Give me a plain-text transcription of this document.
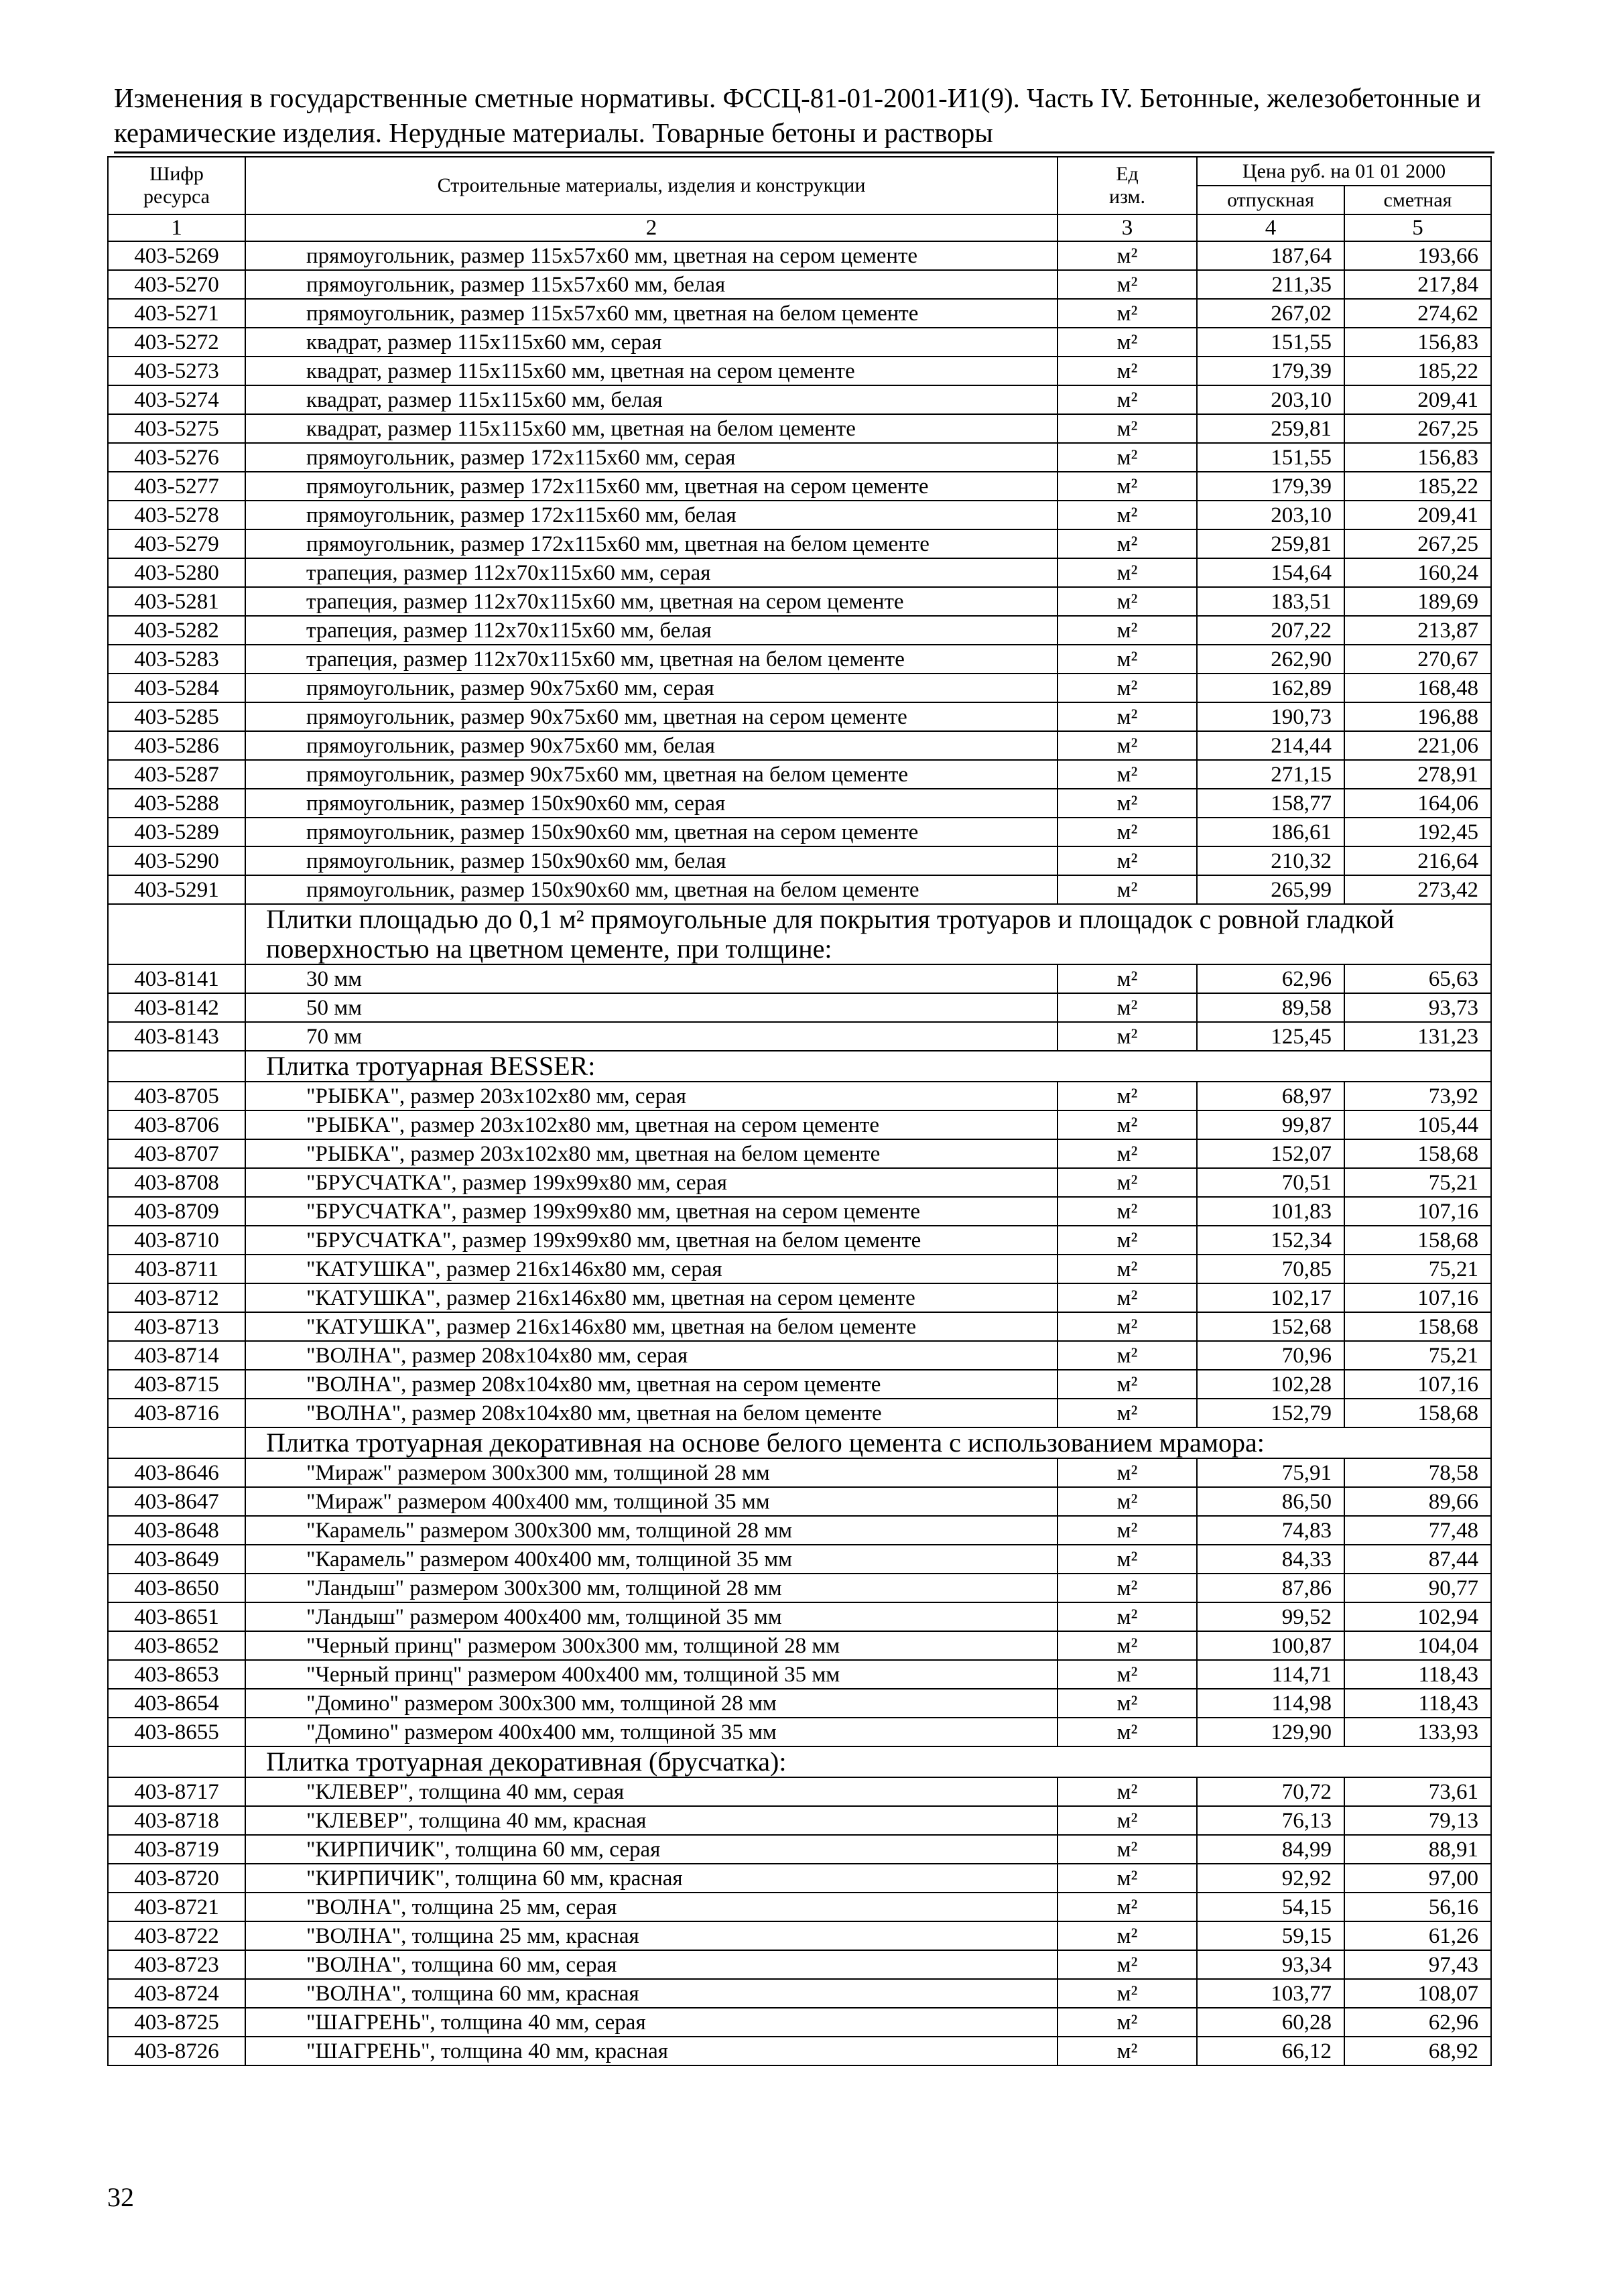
Изменения в государственные сметные нормативы. ФССЦ-81-01-2001-И1(9). Часть IV. Бетонные, железобетонные и керамические изделия. Нерудные материалы. Товарные бетоны и растворы
Шифр ресурса	Строительные материалы, изделия и конструкции	Ед изм.	Цена руб. на 01 01 2000	
			отпускная	сметная
1	2	3	4	5
403-5269	прямоугольник, размер 115x57x60 мм, цветная на сером цементе	м²	187,64	193,66
403-5270	прямоугольник, размер 115x57x60 мм, белая	м²	211,35	217,84
403-5271	прямоугольник, размер 115x57x60 мм, цветная на белом цементе	м²	267,02	274,62
403-5272	квадрат, размер 115x115x60 мм, серая	м²	151,55	156,83
403-5273	квадрат, размер 115x115x60 мм, цветная на сером цементе	м²	179,39	185,22
403-5274	квадрат, размер 115x115x60 мм, белая	м²	203,10	209,41
403-5275	квадрат, размер 115x115x60 мм, цветная на белом цементе	м²	259,81	267,25
403-5276	прямоугольник, размер 172x115x60 мм, серая	м²	151,55	156,83
403-5277	прямоугольник, размер 172x115x60 мм, цветная на сером цементе	м²	179,39	185,22
403-5278	прямоугольник, размер 172x115x60 мм, белая	м²	203,10	209,41
403-5279	прямоугольник, размер 172x115x60 мм, цветная на белом цементе	м²	259,81	267,25
403-5280	трапеция, размер 112x70x115x60 мм, серая	м²	154,64	160,24
403-5281	трапеция, размер 112x70x115x60 мм, цветная на сером цементе	м²	183,51	189,69
403-5282	трапеция, размер 112x70x115x60 мм, белая	м²	207,22	213,87
403-5283	трапеция, размер 112x70x115x60 мм, цветная на белом цементе	м²	262,90	270,67
403-5284	прямоугольник, размер 90x75x60 мм, серая	м²	162,89	168,48
403-5285	прямоугольник, размер 90x75x60 мм, цветная на сером цементе	м²	190,73	196,88
403-5286	прямоугольник, размер 90x75x60 мм, белая	м²	214,44	221,06
403-5287	прямоугольник, размер 90x75x60 мм, цветная на белом цементе	м²	271,15	278,91
403-5288	прямоугольник, размер 150x90x60 мм, серая	м²	158,77	164,06
403-5289	прямоугольник, размер 150x90x60 мм, цветная на сером цементе	м²	186,61	192,45
403-5290	прямоугольник, размер 150x90x60 мм, белая	м²	210,32	216,64
403-5291	прямоугольник, размер 150x90x60 мм, цветная на белом цементе	м²	265,99	273,42
	Плитки площадью до 0,1 м² прямоугольные для покрытия тротуаров и площадок с ровной гладкой поверхностью на цветном цементе, при толщине:			
403-8141	30 мм	м²	62,96	65,63
403-8142	50 мм	м²	89,58	93,73
403-8143	70 мм	м²	125,45	131,23
	Плитка тротуарная BESSER:			
403-8705	"РЫБКА", размер 203x102x80 мм, серая	м²	68,97	73,92
403-8706	"РЫБКА", размер 203x102x80 мм, цветная на сером цементе	м²	99,87	105,44
403-8707	"РЫБКА", размер 203x102x80 мм, цветная на белом цементе	м²	152,07	158,68
403-8708	"БРУСЧАТКА", размер 199x99x80 мм, серая	м²	70,51	75,21
403-8709	"БРУСЧАТКА", размер 199x99x80 мм, цветная на сером цементе	м²	101,83	107,16
403-8710	"БРУСЧАТКА", размер 199x99x80 мм, цветная на белом цементе	м²	152,34	158,68
403-8711	"КАТУШКА", размер 216x146x80 мм, серая	м²	70,85	75,21
403-8712	"КАТУШКА", размер 216x146x80 мм, цветная на сером цементе	м²	102,17	107,16
403-8713	"КАТУШКА", размер 216x146x80 мм, цветная на белом цементе	м²	152,68	158,68
403-8714	"ВОЛНА", размер 208x104x80 мм, серая	м²	70,96	75,21
403-8715	"ВОЛНА", размер 208x104x80 мм, цветная на сером цементе	м²	102,28	107,16
403-8716	"ВОЛНА", размер 208x104x80 мм, цветная на белом цементе	м²	152,79	158,68
	Плитка тротуарная декоративная на основе белого цемента с использованием мрамора:			
403-8646	"Мираж" размером 300x300 мм, толщиной 28 мм	м²	75,91	78,58
403-8647	"Мираж" размером 400x400 мм, толщиной 35 мм	м²	86,50	89,66
403-8648	"Карамель" размером 300x300 мм, толщиной 28 мм	м²	74,83	77,48
403-8649	"Карамель" размером 400x400 мм, толщиной 35 мм	м²	84,33	87,44
403-8650	"Ландыш" размером 300x300 мм, толщиной 28 мм	м²	87,86	90,77
403-8651	"Ландыш" размером 400x400 мм, толщиной 35 мм	м²	99,52	102,94
403-8652	"Черный принц" размером 300x300 мм, толщиной 28 мм	м²	100,87	104,04
403-8653	"Черный принц" размером 400x400 мм, толщиной 35 мм	м²	114,71	118,43
403-8654	"Домино" размером 300x300 мм, толщиной 28 мм	м²	114,98	118,43
403-8655	"Домино" размером 400x400 мм, толщиной 35 мм	м²	129,90	133,93
	Плитка тротуарная декоративная (брусчатка):			
403-8717	"КЛЕВЕР", толщина 40 мм, серая	м²	70,72	73,61
403-8718	"КЛЕВЕР", толщина 40 мм, красная	м²	76,13	79,13
403-8719	"КИРПИЧИК", толщина 60 мм, серая	м²	84,99	88,91
403-8720	"КИРПИЧИК", толщина 60 мм, красная	м²	92,92	97,00
403-8721	"ВОЛНА", толщина 25 мм, серая	м²	54,15	56,16
403-8722	"ВОЛНА", толщина 25 мм, красная	м²	59,15	61,26
403-8723	"ВОЛНА", толщина 60 мм, серая	м²	93,34	97,43
403-8724	"ВОЛНА", толщина 60 мм, красная	м²	103,77	108,07
403-8725	"ШАГРЕНЬ", толщина 40 мм, серая	м²	60,28	62,96
403-8726	"ШАГРЕНЬ", толщина 40 мм, красная	м²	66,12	68,92
32
